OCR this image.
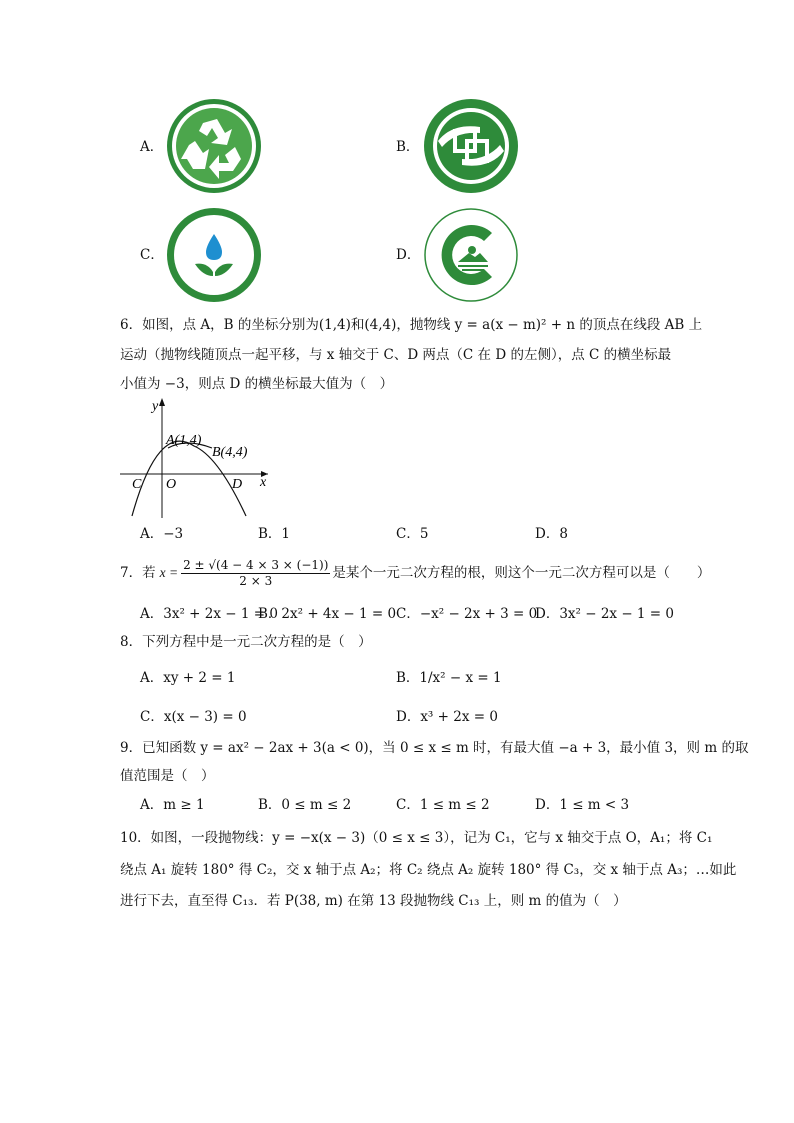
A．	B．
C．	D．
6．如图，点 A，B 的坐标分别为(1,4)和(4,4)，抛物线 y = a(x − m)² + n 的顶点在线段 AB 上
运动（抛物线随顶点一起平移，与 x 轴交于 C、D 两点（C 在 D 的左侧），点 C 的横坐标最
小值为 −3，则点 D 的横坐标最大值为（　）
y
x
A(1,4)
B(4,4)
C O	D
A．−3	B．1	C．5	D．8
7．若 $x = \frac{2 \pm √(4 - 4 \times 3 \times (-1))}{2 \times 3}$ 是某个一元二次方程的根，则这个一元二次方程可以是（　　）
A．3x² + 2x − 1 = 0
B．2x² + 4x − 1 = 0 C．−x² − 2x + 3 = 0
D．3x² − 2x − 1 = 0
8．下列方程中是一元二次方程的是（　）
A．xy + 2 = 1	B．1/x² − x = 1
C．x(x − 3) = 0	D．x³ + 2x = 0
9．已知函数 y = ax² − 2ax + 3(a < 0)，当 0 ≤ x ≤ m 时，有最大值 −a + 3，最小值 3，则 m 的取
值范围是（　）
A．m ≥ 1	B．0 ≤ m ≤ 2	C．1 ≤ m ≤ 2	D．1 ≤ m < 3
10．如图，一段抛物线：y = −x(x − 3)（0 ≤ x ≤ 3），记为 C₁，它与 x 轴交于点 O，A₁；将 C₁
绕点 A₁ 旋转 180° 得 C₂，交 x 轴于点 A₂；将 C₂ 绕点 A₂ 旋转 180° 得 C₃，交 x 轴于点 A₃；…如此
进行下去，直至得 C₁₃．若 P(38, m) 在第 13 段抛物线 C₁₃ 上，则 m 的值为（　）
